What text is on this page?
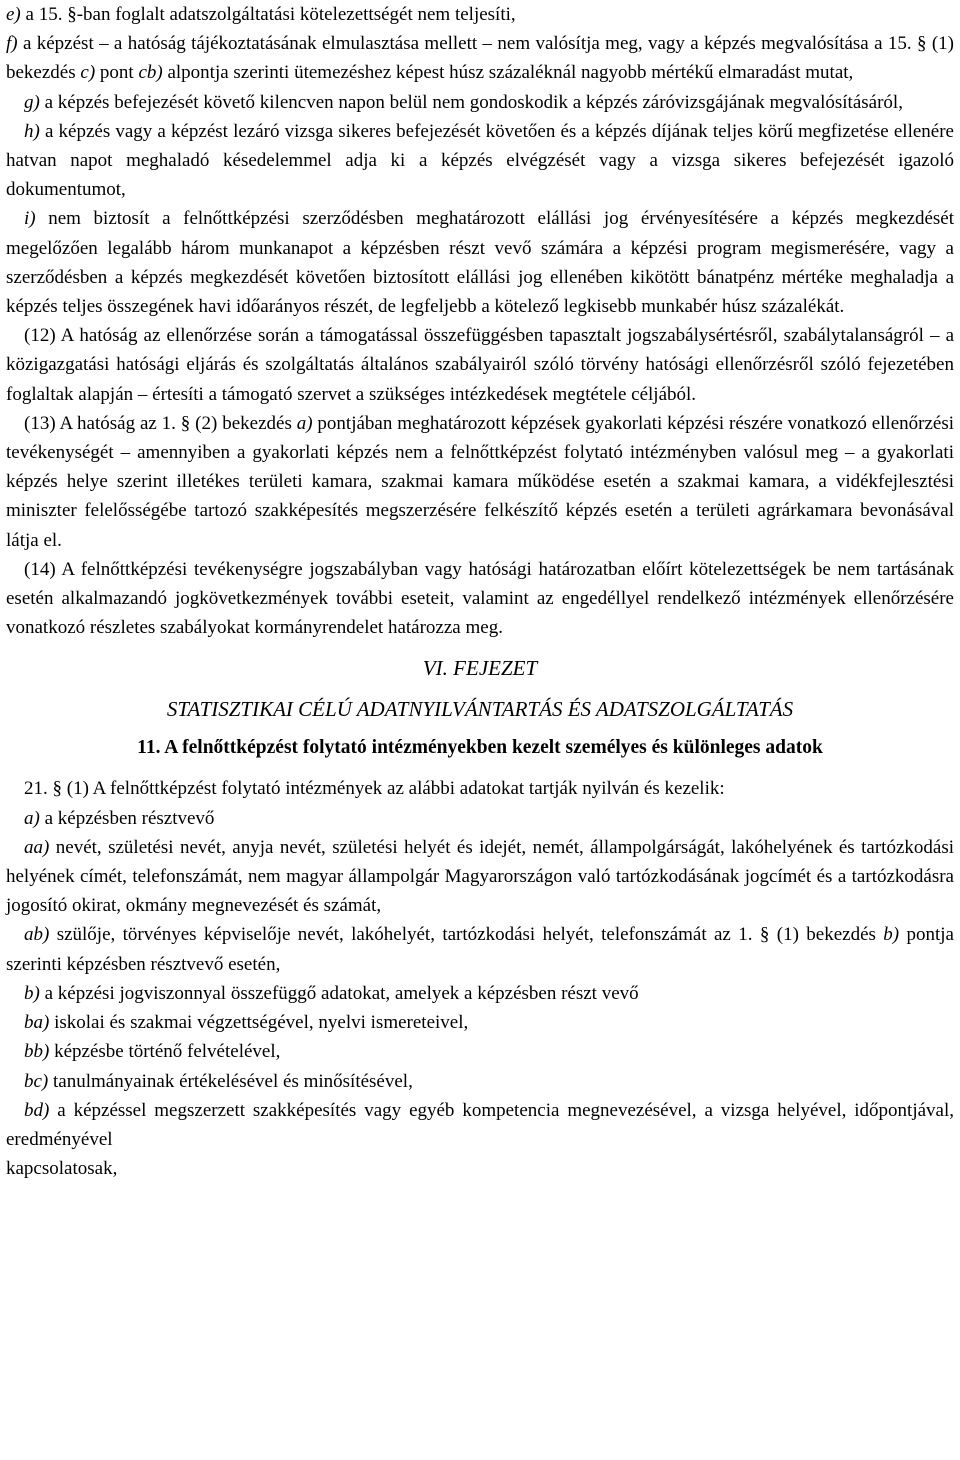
e) a 15. §-ban foglalt adatszolgáltatási kötelezettségét nem teljesíti,

f) a képzést – a hatóság tájékoztatásának elmulasztása mellett – nem valósítja meg, vagy a képzés megvalósítása a 15. § (1) bekezdés c) pont cb) alpontja szerinti ütemezéshez képest húsz százaléknál nagyobb mértékű elmaradást mutat,

g) a képzés befejezését követő kilencven napon belül nem gondoskodik a képzés záróvizsgájának megvalósításáról,

h) a képzés vagy a képzést lezáró vizsga sikeres befejezését követően és a képzés díjának teljes körű megfizetése ellenére hatvan napot meghaladó késedelemmel adja ki a képzés elvégzését vagy a vizsga sikeres befejezését igazoló dokumentumot,

i) nem biztosít a felnőttképzési szerződésben meghatározott elállási jog érvényesítésére a képzés megkezdését megelőzően legalább három munkanapot a képzésben részt vevő számára a képzési program megismerésére, vagy a szerződésben a képzés megkezdését követően biztosított elállási jog ellenében kikötött bánatpénz mértéke meghaladja a képzés teljes összegének havi időarányos részét, de legfeljebb a kötelező legkisebb munkabér húsz százalékát.

(12) A hatóság az ellenőrzése során a támogatással összefüggésben tapasztalt jogszabálysértésről, szabálytalanságról – a közigazgatási hatósági eljárás és szolgáltatás általános szabályairól szóló törvény hatósági ellenőrzésről szóló fejezetében foglaltak alapján – értesíti a támogató szervet a szükséges intézkedések megtétele céljából.

(13) A hatóság az 1. § (2) bekezdés a) pontjában meghatározott képzések gyakorlati képzési részére vonatkozó ellenőrzési tevékenységét – amennyiben a gyakorlati képzés nem a felnőttképzést folytató intézményben valósul meg – a gyakorlati képzés helye szerint illetékes területi kamara, szakmai kamara működése esetén a szakmai kamara, a vidékfejlesztési miniszter felelősségébe tartozó szakképesítés megszerzésére felkészítő képzés esetén a területi agrárkamara bevonásával látja el.

(14) A felnőttképzési tevékenységre jogszabályban vagy hatósági határozatban előírt kötelezettségek be nem tartásának esetén alkalmazandó jogkövetkezmények további eseteit, valamint az engedéllyel rendelkező intézmények ellenőrzésére vonatkozó részletes szabályokat kormányrendelet határozza meg.

VI. FEJEZET

STATISZTIKAI CÉLÚ ADATNYILVÁNTARTÁS ÉS ADATSZOLGÁLTATÁS

11. A felnőttképzést folytató intézményekben kezelt személyes és különleges adatok

21. § (1) A felnőttképzést folytató intézmények az alábbi adatokat tartják nyilván és kezelik:

a) a képzésben résztvevő

aa) nevét, születési nevét, anyja nevét, születési helyét és idejét, nemét, állampolgárságát, lakóhelyének és tartózkodási helyének címét, telefonszámát, nem magyar állampolgár Magyarországon való tartózkodásának jogcímét és a tartózkodásra jogosító okirat, okmány megnevezését és számát,

ab) szülője, törvényes képviselője nevét, lakóhelyét, tartózkodási helyét, telefonszámát az 1. § (1) bekezdés b) pontja szerinti képzésben résztvevő esetén,

b) a képzési jogviszonnyal összefüggő adatokat, amelyek a képzésben részt vevő

ba) iskolai és szakmai végzettségével, nyelvi ismereteivel,

bb) képzésbe történő felvételével,

bc) tanulmányainak értékelésével és minősítésével,

bd) a képzéssel megszerzett szakképesítés vagy egyéb kompetencia megnevezésével, a vizsga helyével, időpontjával, eredményével

kapcsolatosak,
